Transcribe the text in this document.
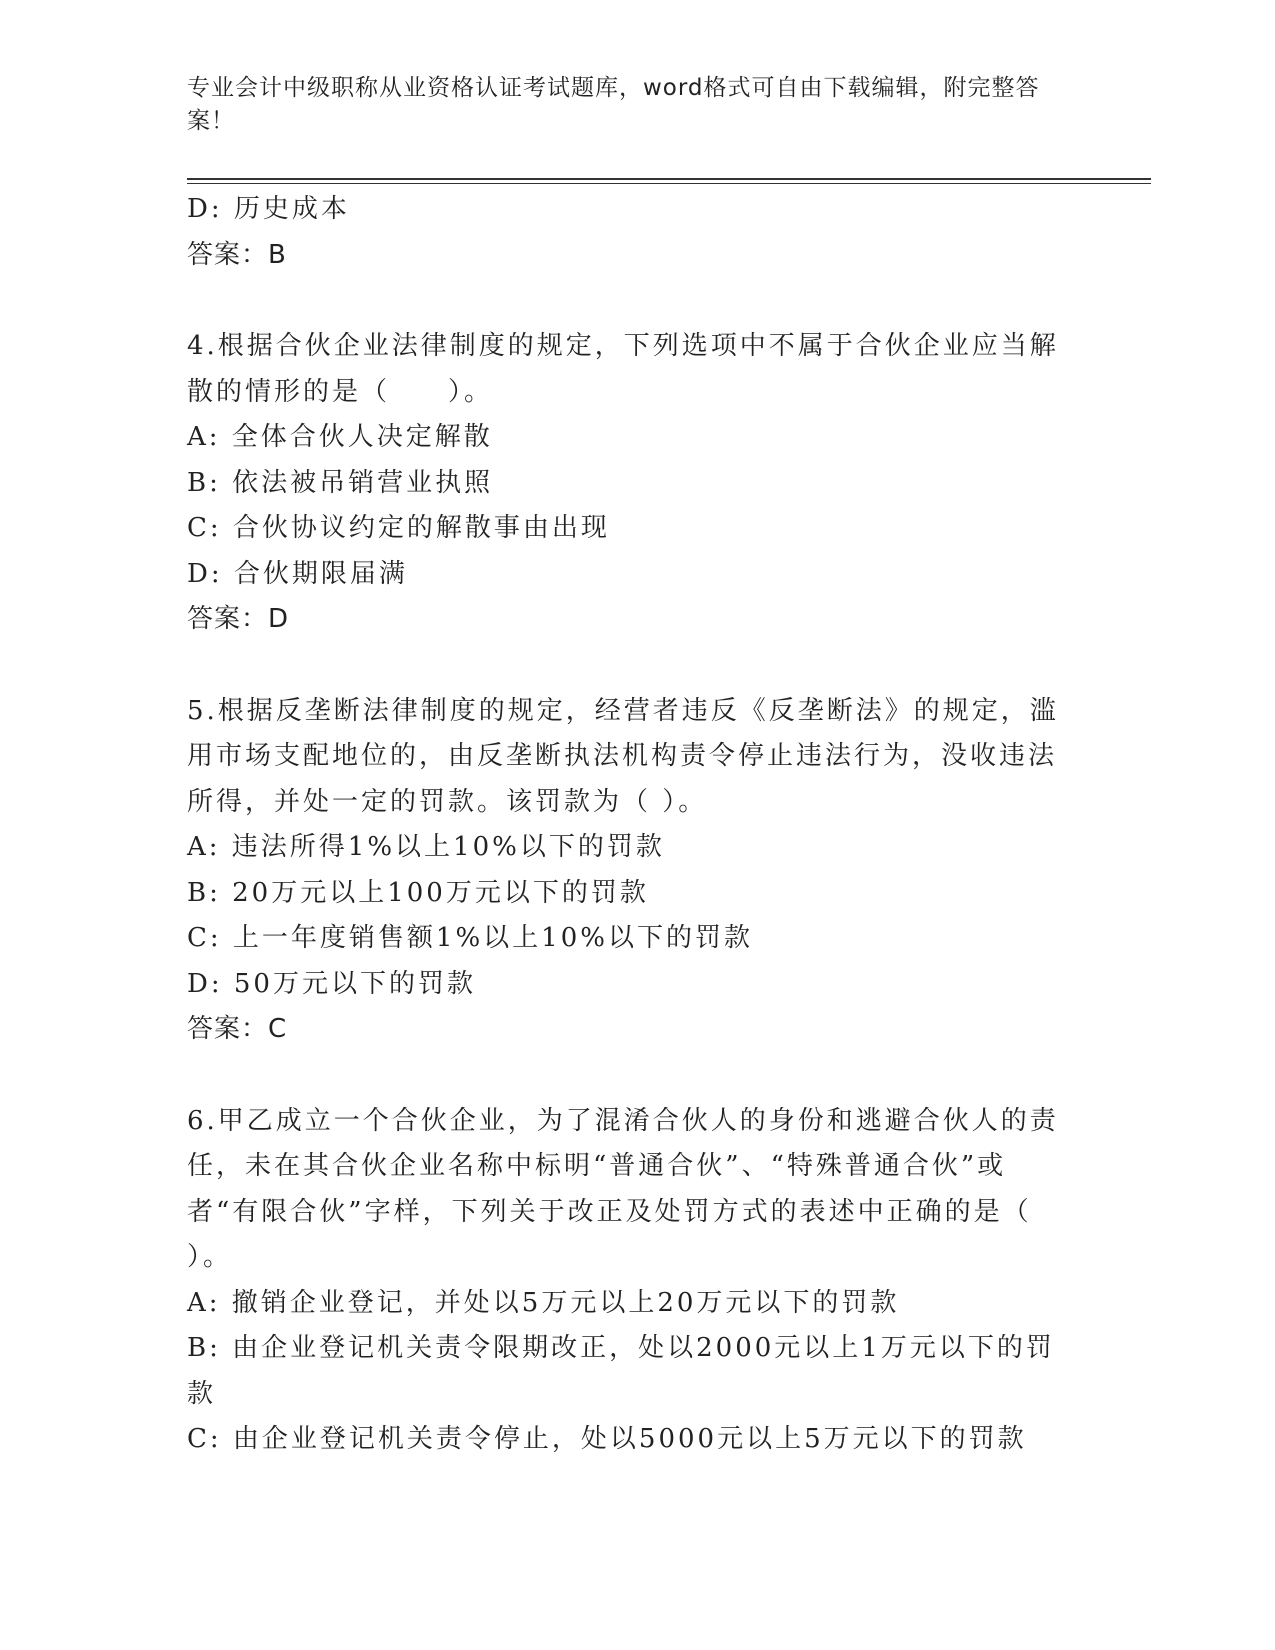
专业会计中级职称从业资格认证考试题库，word格式可自由下载编辑，附完整答
案！
D: 历史成本
答案：B
4.根据合伙企业法律制度的规定，下列选项中不属于合伙企业应当解
散的情形的是（　　）。
A: 全体合伙人决定解散
B: 依法被吊销营业执照
C: 合伙协议约定的解散事由出现
D: 合伙期限届满
答案：D
5.根据反垄断法律制度的规定，经营者违反《反垄断法》的规定，滥
用市场支配地位的，由反垄断执法机构责令停止违法行为，没收违法
所得，并处一定的罚款。该罚款为（ ）。
A: 违法所得1%以上10%以下的罚款
B: 20万元以上100万元以下的罚款
C: 上一年度销售额1%以上10%以下的罚款
D: 50万元以下的罚款
答案：C
6.甲乙成立一个合伙企业，为了混淆合伙人的身份和逃避合伙人的责
任，未在其合伙企业名称中标明“普通合伙”、“特殊普通合伙”或
者“有限合伙”字样，下列关于改正及处罚方式的表述中正确的是（
）。
A: 撤销企业登记，并处以5万元以上20万元以下的罚款
B: 由企业登记机关责令限期改正，处以2000元以上1万元以下的罚
款
C: 由企业登记机关责令停止，处以5000元以上5万元以下的罚款
